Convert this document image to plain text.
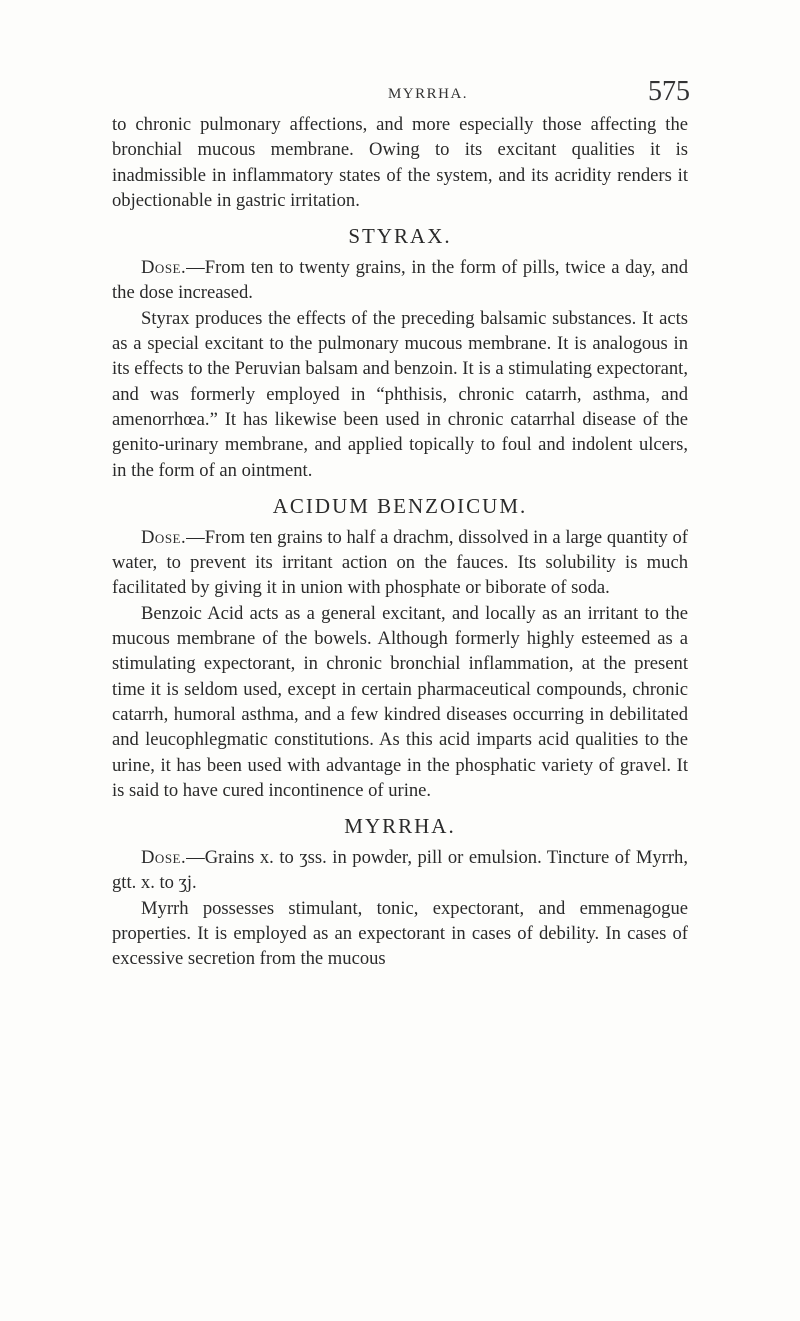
MYRRHA.	575

to chronic pulmonary affections, and more especially those affecting the bronchial mucous membrane. Owing to its excitant qualities it is inadmissible in inflammatory states of the system, and its acridity renders it objectionable in gastric irritation.

STYRAX.

Dose.—From ten to twenty grains, in the form of pills, twice a day, and the dose increased.

Styrax produces the effects of the preceding balsamic substances. It acts as a special excitant to the pulmonary mucous membrane. It is analogous in its effects to the Peruvian balsam and benzoin. It is a stimulating expectorant, and was formerly employed in “phthisis, chronic catarrh, asthma, and amenorrhœa.” It has likewise been used in chronic catarrhal disease of the genito-urinary membrane, and applied topically to foul and indolent ulcers, in the form of an ointment.

ACIDUM BENZOICUM.

Dose.—From ten grains to half a drachm, dissolved in a large quantity of water, to prevent its irritant action on the fauces. Its solubility is much facilitated by giving it in union with phosphate or biborate of soda.

Benzoic Acid acts as a general excitant, and locally as an irritant to the mucous membrane of the bowels. Although formerly highly esteemed as a stimulating expectorant, in chronic bronchial inflammation, at the present time it is seldom used, except in certain pharmaceutical compounds, chronic catarrh, humoral asthma, and a few kindred diseases occurring in debilitated and leucophlegmatic constitutions. As this acid imparts acid qualities to the urine, it has been used with advantage in the phosphatic variety of gravel. It is said to have cured incontinence of urine.

MYRRHA.

Dose.—Grains x. to ʒss. in powder, pill or emulsion. Tincture of Myrrh, gtt. x. to ʒj.

Myrrh possesses stimulant, tonic, expectorant, and emmenagogue properties. It is employed as an expectorant in cases of debility. In cases of excessive secretion from the mucous
